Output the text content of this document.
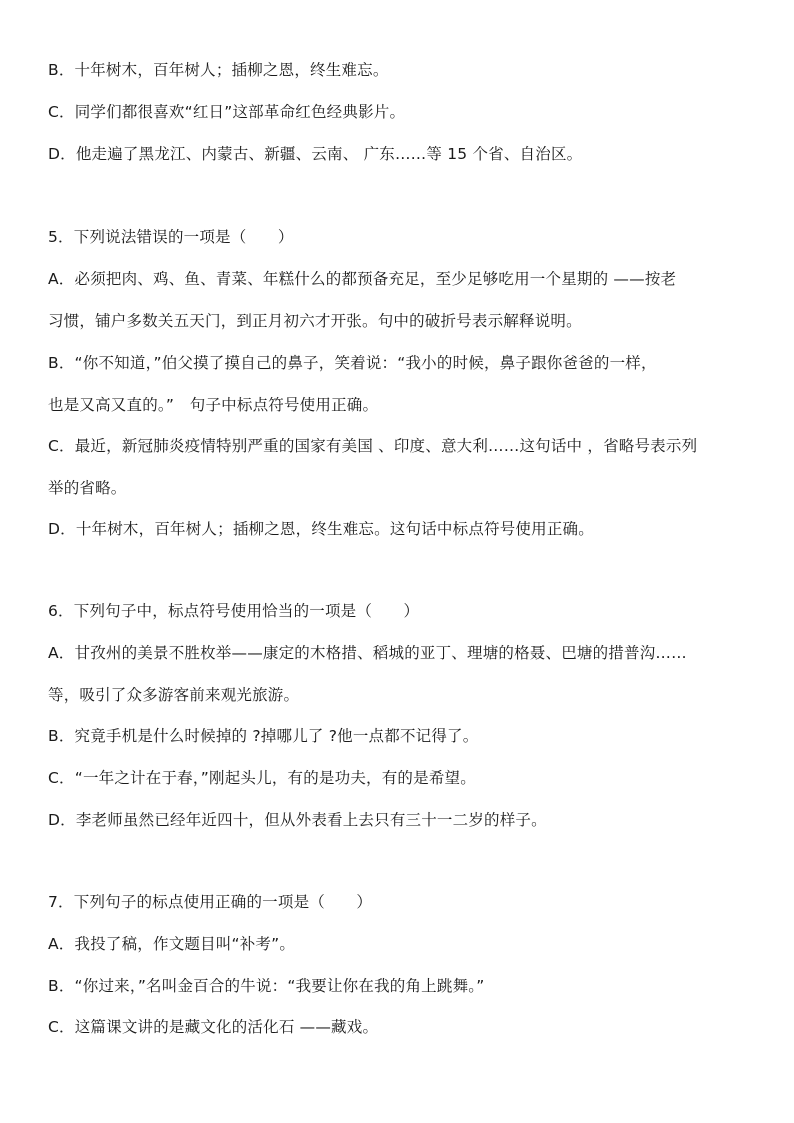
B．十年树木，百年树人；插柳之恩，终生难忘。
C．同学们都很喜欢“红日”这部革命红色经典影片。
D．他走遍了黑龙江、内蒙古、新疆、云南、 广东……等 15 个省、自治区。
5．下列说法错误的一项是（　　）
A．必须把肉、鸡、鱼、青菜、年糕什么的都预备充足，至少足够吃用一个星期的 ——按老
习惯，铺户多数关五天门，到正月初六才开张。句中的破折号表示解释说明。
B．“你不知道，”伯父摸了摸自己的鼻子，笑着说：“我小的时候，鼻子跟你爸爸的一样，
也是又高又直的。”　句子中标点符号使用正确。
C．最近，新冠肺炎疫情特别严重的国家有美国 、印度、意大利……这句话中 ，省略号表示列
举的省略。
D．十年树木，百年树人；插柳之恩，终生难忘。这句话中标点符号使用正确。
6．下列句子中，标点符号使用恰当的一项是（　　）
A．甘孜州的美景不胜枚举——康定的木格措、稻城的亚丁、理塘的格聂、巴塘的措普沟……
等，吸引了众多游客前来观光旅游。
B．究竟手机是什么时候掉的 ?掉哪儿了 ?他一点都不记得了。
C．“一年之计在于春，”刚起头儿，有的是功夫，有的是希望。
D．李老师虽然已经年近四十，但从外表看上去只有三十一二岁的样子。
7．下列句子的标点使用正确的一项是（　　）
A．我投了稿，作文题目叫“补考”。
B．“你过来，”名叫金百合的牛说：“我要让你在我的角上跳舞。”
C．这篇课文讲的是藏文化的活化石 ——藏戏。
